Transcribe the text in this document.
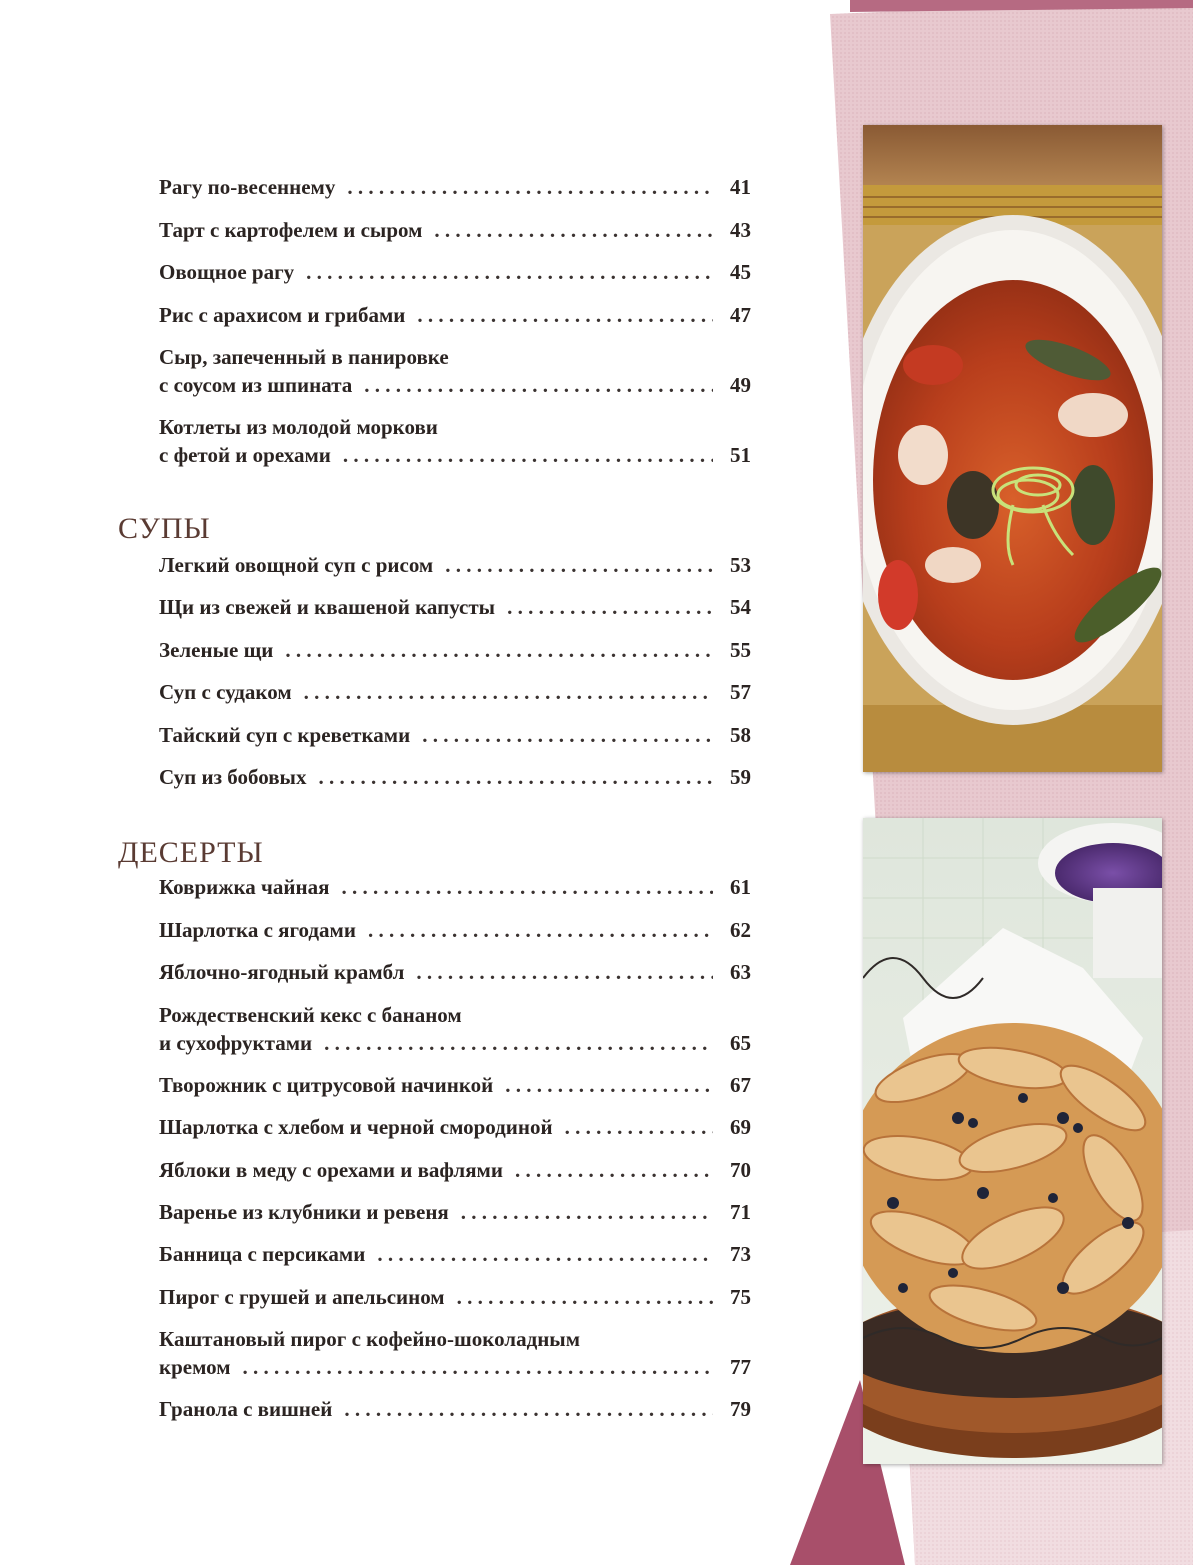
Рагу по-весеннему . . .	41
Тарт с картофелем и сыром . . .	43
Овощное рагу . . .	45
Рис с арахисом и грибами . . .	47
Сыр, запеченный в панировке
с соусом из шпината . . .	49
Котлеты из молодой моркови
с фетой и орехами . . .	51
СУПЫ
Легкий овощной суп с рисом . . .	53
Щи из свежей и квашеной капусты . . .	54
Зеленые щи . . .	55
Суп с судаком . . .	57
Тайский суп с креветками . . .	58
Суп из бобовых . . .	59
ДЕСЕРТЫ
Коврижка чайная . . .	61
Шарлотка с ягодами . . .	62
Яблочно-ягодный крамбл . . .	63
Рождественский кекс с бананом
и сухофруктами . . .	65
Творожник с цитрусовой начинкой . . .	67
Шарлотка с хлебом и черной смородиной . . .	69
Яблоки в меду с орехами и вафлями . . .	70
Варенье из клубники и ревеня . . .	71
Банница с персиками . . .	73
Пирог с грушей и апельсином . . .	75
Каштановый пирог с кофейно-шоколадным
кремом . . .	77
Гранола с вишней . . .	79
